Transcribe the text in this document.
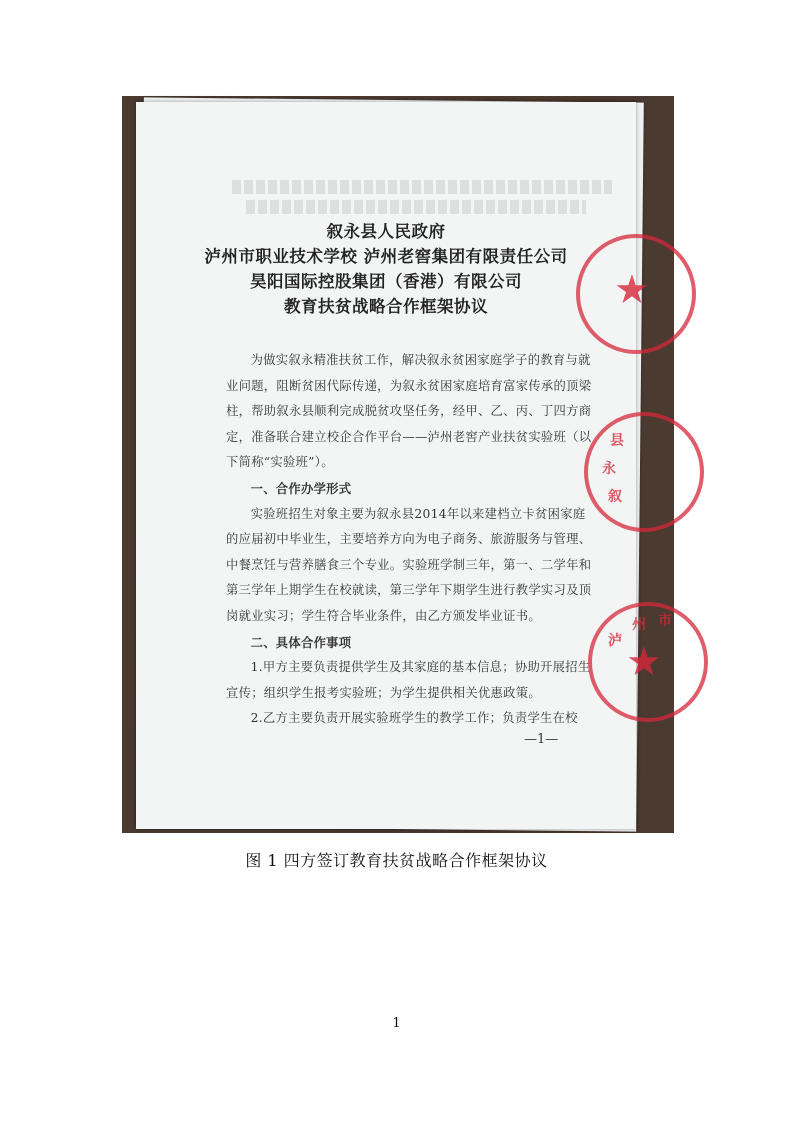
叙永县人民政府
泸州市职业技术学校 泸州老窖集团有限责任公司
昊阳国际控股集团（香港）有限公司
教育扶贫战略合作框架协议

为做实叙永精准扶贫工作，解决叙永贫困家庭学子的教育与就业问题，阻断贫困代际传递，为叙永贫困家庭培育富家传承的顶梁柱，帮助叙永县顺利完成脱贫攻坚任务，经甲、乙、丙、丁四方商定，准备联合建立校企合作平台——泸州老窖产业扶贫实验班（以下简称“实验班”）。

一、合作办学形式

实验班招生对象主要为叙永县2014年以来建档立卡贫困家庭的应届初中毕业生，主要培养方向为电子商务、旅游服务与管理、中餐烹饪与营养膳食三个专业。实验班学制三年，第一、二学年和第三学年上期学生在校就读，第三学年下期学生进行教学实习及顶岗就业实习；学生符合毕业条件，由乙方颁发毕业证书。

二、具体合作事项

1.甲方主要负责提供学生及其家庭的基本信息；协助开展招生宣传；组织学生报考实验班；为学生提供相关优惠政策。

2.乙方主要负责开展实验班学生的教学工作；负责学生在校

—1—
★
县
永
叙
泸
州 市
★
图 1 四方签订教育扶贫战略合作框架协议
1
